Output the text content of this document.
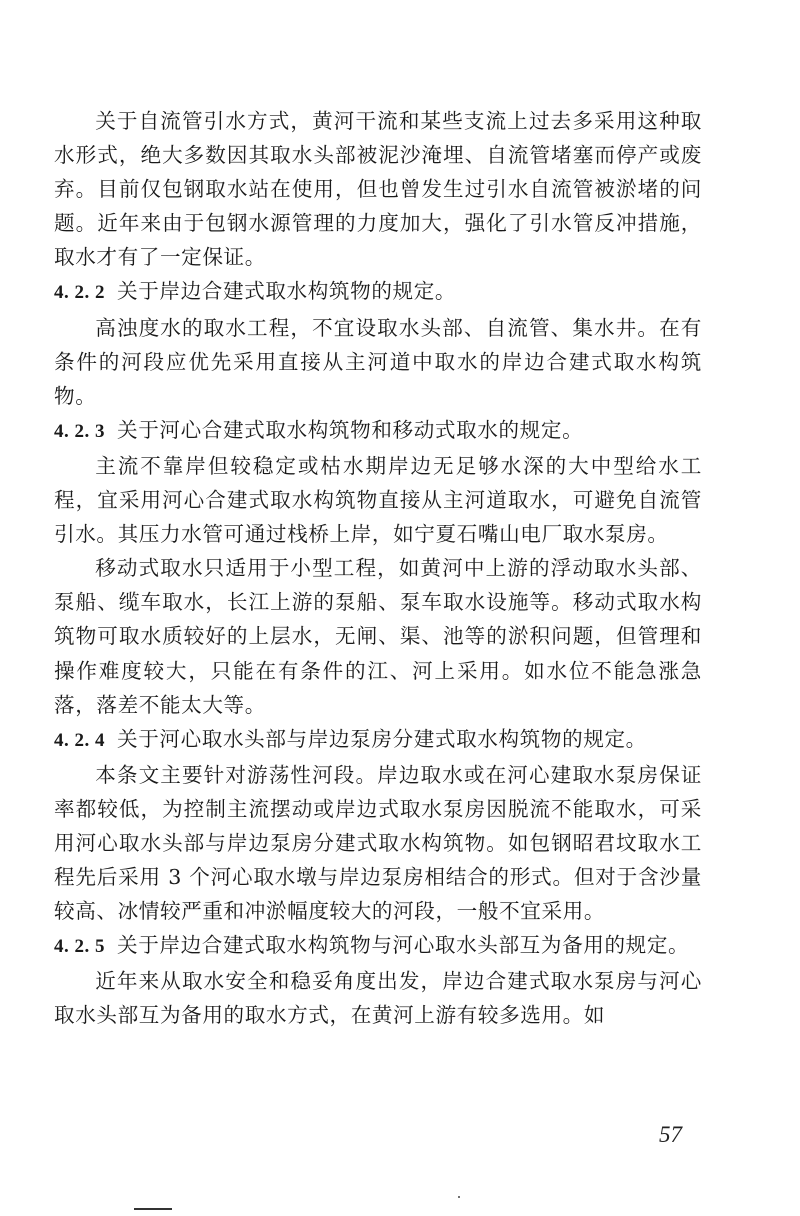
关于自流管引水方式，黄河干流和某些支流上过去多采用这种取水形式，绝大多数因其取水头部被泥沙淹埋、自流管堵塞而停产或废弃。目前仅包钢取水站在使用，但也曾发生过引水自流管被淤堵的问题。近年来由于包钢水源管理的力度加大，强化了引水管反冲措施，取水才有了一定保证。

4. 2. 2 关于岸边合建式取水构筑物的规定。

高浊度水的取水工程，不宜设取水头部、自流管、集水井。在有条件的河段应优先采用直接从主河道中取水的岸边合建式取水构筑物。

4. 2. 3 关于河心合建式取水构筑物和移动式取水的规定。

主流不靠岸但较稳定或枯水期岸边无足够水深的大中型给水工程，宜采用河心合建式取水构筑物直接从主河道取水，可避免自流管引水。其压力水管可通过栈桥上岸，如宁夏石嘴山电厂取水泵房。

移动式取水只适用于小型工程，如黄河中上游的浮动取水头部、泵船、缆车取水，长江上游的泵船、泵车取水设施等。移动式取水构筑物可取水质较好的上层水，无闸、渠、池等的淤积问题，但管理和操作难度较大，只能在有条件的江、河上采用。如水位不能急涨急落，落差不能太大等。

4. 2. 4 关于河心取水头部与岸边泵房分建式取水构筑物的规定。

本条文主要针对游荡性河段。岸边取水或在河心建取水泵房保证率都较低，为控制主流摆动或岸边式取水泵房因脱流不能取水，可采用河心取水头部与岸边泵房分建式取水构筑物。如包钢昭君坟取水工程先后采用 3 个河心取水墩与岸边泵房相结合的形式。但对于含沙量较高、冰情较严重和冲淤幅度较大的河段，一般不宜采用。

4. 2. 5 关于岸边合建式取水构筑物与河心取水头部互为备用的规定。

近年来从取水安全和稳妥角度出发，岸边合建式取水泵房与河心取水头部互为备用的取水方式，在黄河上游有较多选用。如

57
